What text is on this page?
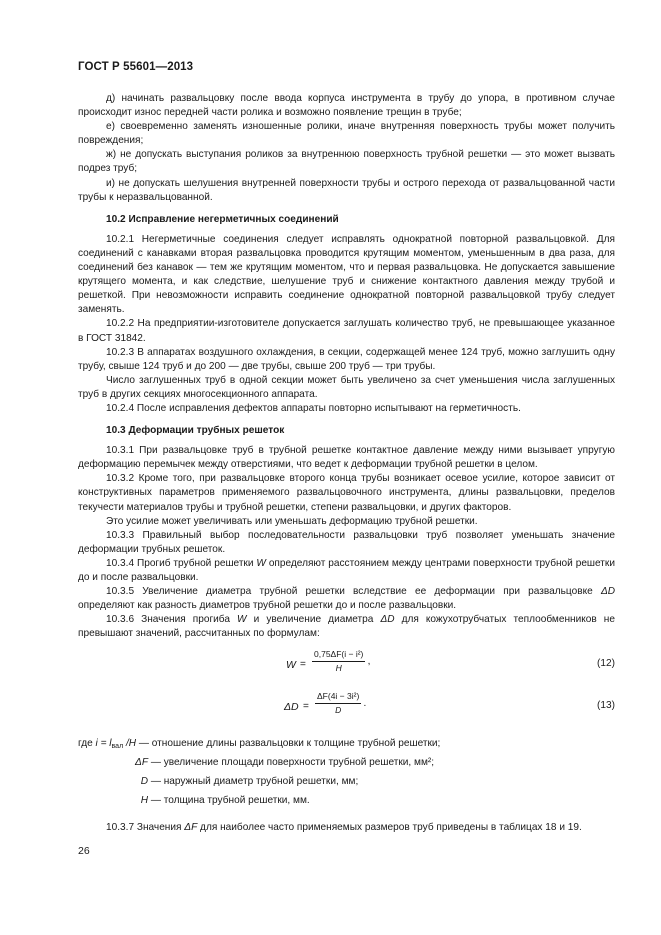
ГОСТ Р 55601—2013

д) начинать развальцовку после ввода корпуса инструмента в трубу до упора, в противном случае происходит износ передней части ролика и возможно появление трещин в трубе;

е) своевременно заменять изношенные ролики, иначе внутренняя поверхность трубы может получить повреждения;

ж) не допускать выступания роликов за внутреннюю поверхность трубной решетки — это может вызвать подрез труб;

и) не допускать шелушения внутренней поверхности трубы и острого перехода от развальцованной части трубы к неразвальцованной.

10.2 Исправление негерметичных соединений

10.2.1 Негерметичные соединения следует исправлять однократной повторной развальцовкой. Для соединений с канавками вторая развальцовка проводится крутящим моментом, уменьшенным в два раза, для соединений без канавок — тем же крутящим моментом, что и первая развальцовка. Не допускается завышение крутящего момента, и как следствие, шелушение труб и снижение контактного давления между трубой и решеткой. При невозможности исправить соединение однократной повторной развальцовкой трубу следует заменять.

10.2.2 На предприятии-изготовителе допускается заглушать количество труб, не превышающее указанное в ГОСТ 31842.

10.2.3 В аппаратах воздушного охлаждения, в секции, содержащей менее 124 труб, можно заглушить одну трубу, свыше 124 труб и до 200 — две трубы, свыше 200 труб — три трубы.

Число заглушенных труб в одной секции может быть увеличено за счет уменьшения числа заглушенных труб в других секциях многосекционного аппарата.

10.2.4 После исправления дефектов аппараты повторно испытывают на герметичность.

10.3 Деформации трубных решеток

10.3.1 При развальцовке труб в трубной решетке контактное давление между ними вызывает упругую деформацию перемычек между отверстиями, что ведет к деформации трубной решетки в целом.

10.3.2 Кроме того, при развальцовке второго конца трубы возникает осевое усилие, которое зависит от конструктивных параметров применяемого развальцовочного инструмента, длины развальцовки, пределов текучести материалов трубы и трубной решетки, степени развальцовки, и других факторов.

Это усилие может увеличивать или уменьшать деформацию трубной решетки.

10.3.3 Правильный выбор последовательности развальцовки труб позволяет уменьшать значение деформации трубных решеток.

10.3.4 Прогиб трубной решетки W определяют расстоянием между центрами поверхности трубной решетки до и после развальцовки.

10.3.5 Увеличение диаметра трубной решетки вследствие ее деформации при развальцовке ΔD определяют как разность диаметров трубной решетки до и после развальцовки.

10.3.6 Значения прогиба W и увеличение диаметра ΔD для кожухотрубчатых теплообменников не превышают значений, рассчитанных по формулам:

W =
0,75ΔF(i − i²)
H
,	(12)
ΔD =
ΔF(4i − 3i²)
D
.	(13)
где $i = l_{вал}$ /H — отношение длины развальцовки к толщине трубной решетки;
ΔF — увеличение площади поверхности трубной решетки, мм²;
D — наружный диаметр трубной решетки, мм;
H — толщина трубной решетки, мм.

10.3.7 Значения ΔF для наиболее часто применяемых размеров труб приведены в таблицах 18 и 19.

26
